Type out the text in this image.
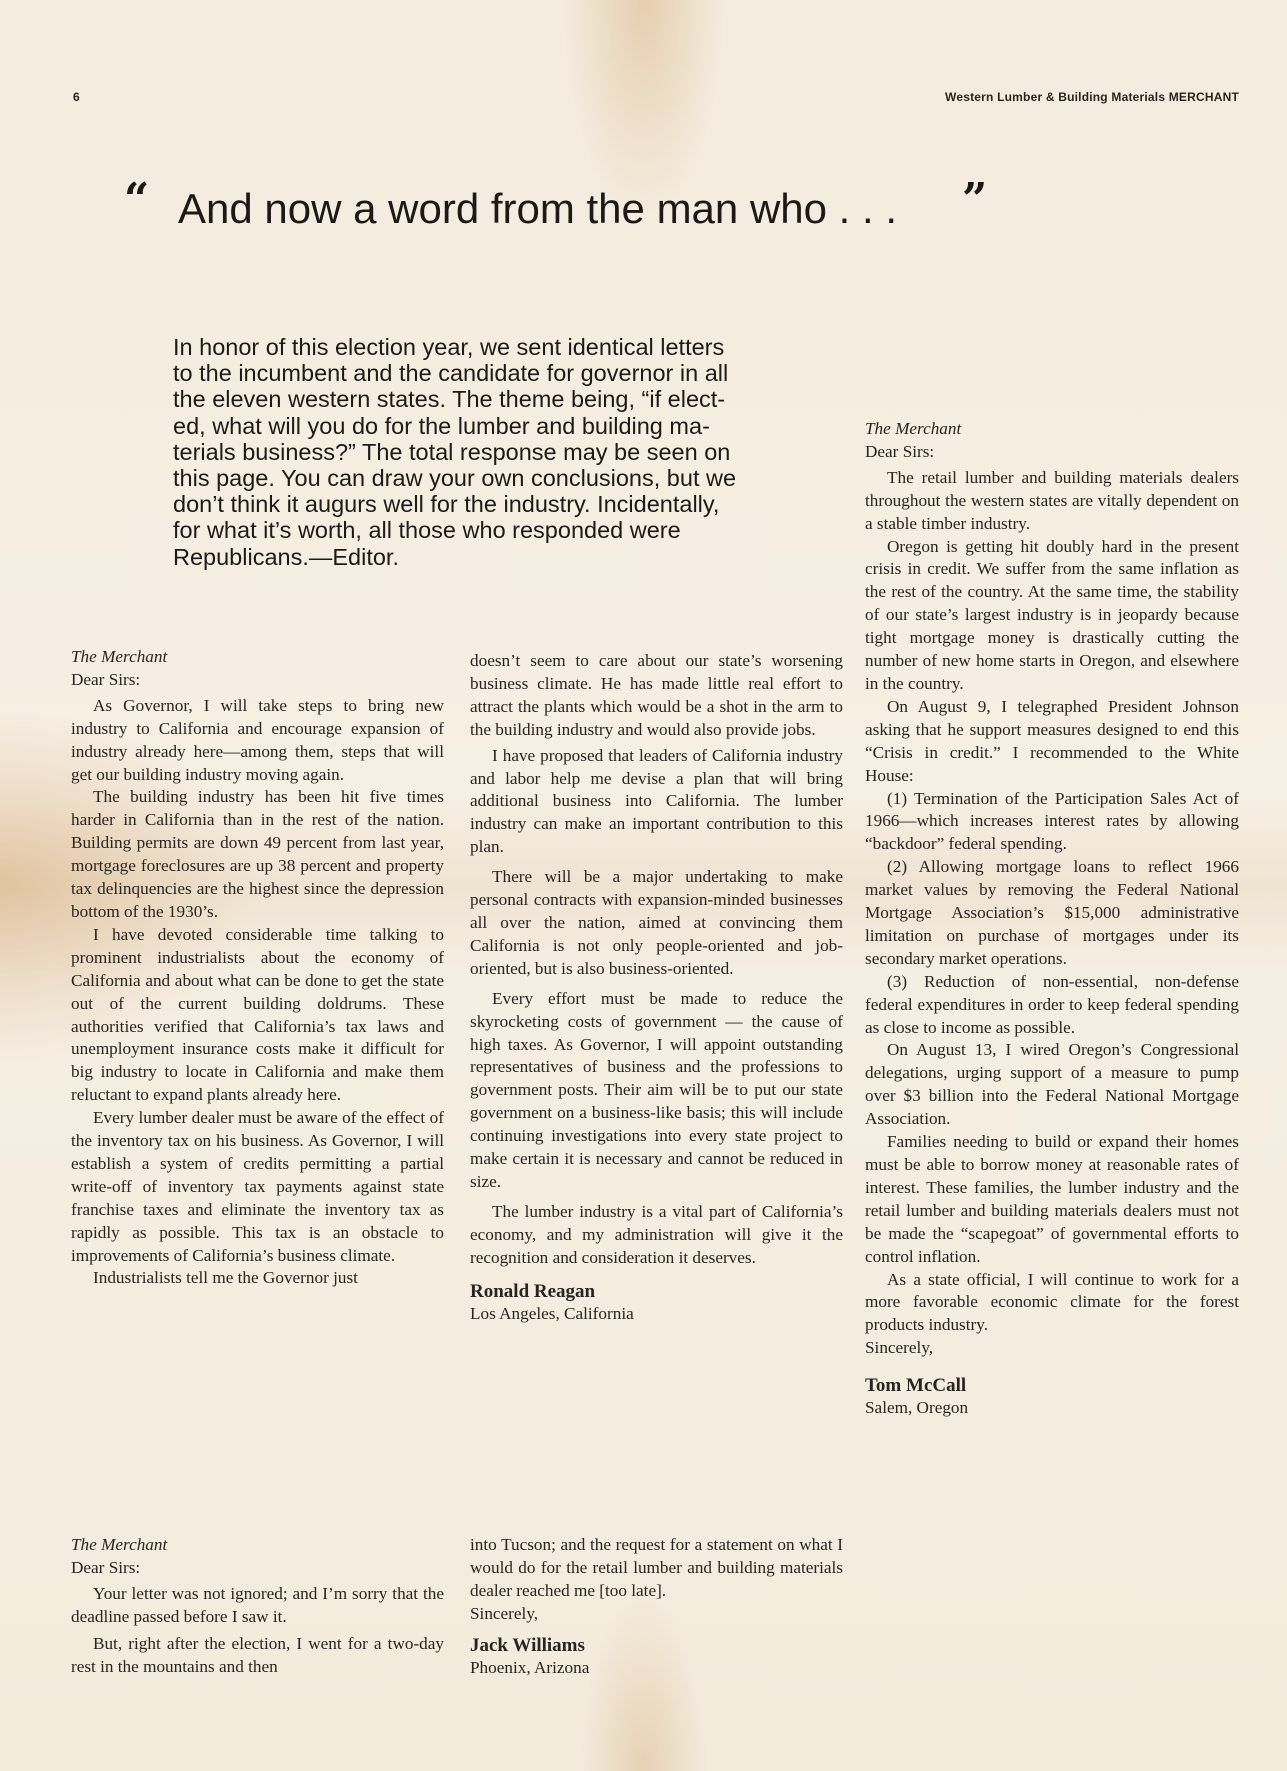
6	Western Lumber & Building Materials MERCHANT
“ And now a word from the man who . . . ”
In honor of this election year, we sent identical letters to the incumbent and the candidate for governor in all the eleven western states. The theme being, “if elected, what will you do for the lumber and building materials business?” The total response may be seen on this page. You can draw your own conclusions, but we don’t think it augurs well for the industry. Incidentally, for what it’s worth, all those who responded were Republicans.—Editor.
The Merchant
Dear Sirs:

As Governor, I will take steps to bring new industry to California and encourage expansion of industry already here—among them, steps that will get our building industry moving again.

The building industry has been hit five times harder in California than in the rest of the nation. Building permits are down 49 percent from last year, mortgage foreclosures are up 38 percent and property tax delinquencies are the highest since the depression bottom of the 1930’s.

I have devoted considerable time talking to prominent industrialists about the economy of California and about what can be done to get the state out of the current building doldrums. These authorities verified that California’s tax laws and unemployment insurance costs make it difficult for big industry to locate in California and make them reluctant to expand plants already here.

Every lumber dealer must be aware of the effect of the inventory tax on his business. As Governor, I will establish a system of credits permitting a partial write-off of inventory tax payments against state franchise taxes and eliminate the inventory tax as rapidly as possible. This tax is an obstacle to improvements of California’s business climate.

Industrialists tell me the Governor just

doesn’t seem to care about our state’s worsening business climate. He has made little real effort to attract the plants which would be a shot in the arm to the building industry and would also provide jobs.

I have proposed that leaders of California industry and labor help me devise a plan that will bring additional business into California. The lumber industry can make an important contribution to this plan.

There will be a major undertaking to make personal contracts with expansion-minded businesses all over the nation, aimed at convincing them California is not only people-oriented and job-oriented, but is also business-oriented.

Every effort must be made to reduce the skyrocketing costs of government — the cause of high taxes. As Governor, I will appoint outstanding representatives of business and the professions to government posts. Their aim will be to put our state government on a business-like basis; this will include continuing investigations into every state project to make certain it is necessary and cannot be reduced in size.

The lumber industry is a vital part of California’s economy, and my administration will give it the recognition and consideration it deserves.

Ronald Reagan
Los Angeles, California
The Merchant
Dear Sirs:

The retail lumber and building materials dealers throughout the western states are vitally dependent on a stable timber industry.

Oregon is getting hit doubly hard in the present crisis in credit. We suffer from the same inflation as the rest of the country. At the same time, the stability of our state’s largest industry is in jeopardy because tight mortgage money is drastically cutting the number of new home starts in Oregon, and elsewhere in the country.

On August 9, I telegraphed President Johnson asking that he support measures designed to end this “Crisis in credit.” I recommended to the White House:

(1) Termination of the Participation Sales Act of 1966—which increases interest rates by allowing “backdoor” federal spending.

(2) Allowing mortgage loans to reflect 1966 market values by removing the Federal National Mortgage Association’s $15,000 administrative limitation on purchase of mortgages under its secondary market operations.

(3) Reduction of non-essential, non-defense federal expenditures in order to keep federal spending as close to income as possible.

On August 13, I wired Oregon’s Congressional delegations, urging support of a measure to pump over $3 billion into the Federal National Mortgage Association.

Families needing to build or expand their homes must be able to borrow money at reasonable rates of interest. These families, the lumber industry and the retail lumber and building materials dealers must not be made the “scapegoat” of governmental efforts to control inflation.

As a state official, I will continue to work for a more favorable economic climate for the forest products industry.

Sincerely,
Tom McCall
Salem, Oregon
The Merchant
Dear Sirs:

Your letter was not ignored; and I’m sorry that the deadline passed before I saw it.

But, right after the election, I went for a two-day rest in the mountains and then

into Tucson; and the request for a statement on what I would do for the retail lumber and building materials dealer reached me [too late].

Sincerely,
Jack Williams
Phoenix, Arizona
